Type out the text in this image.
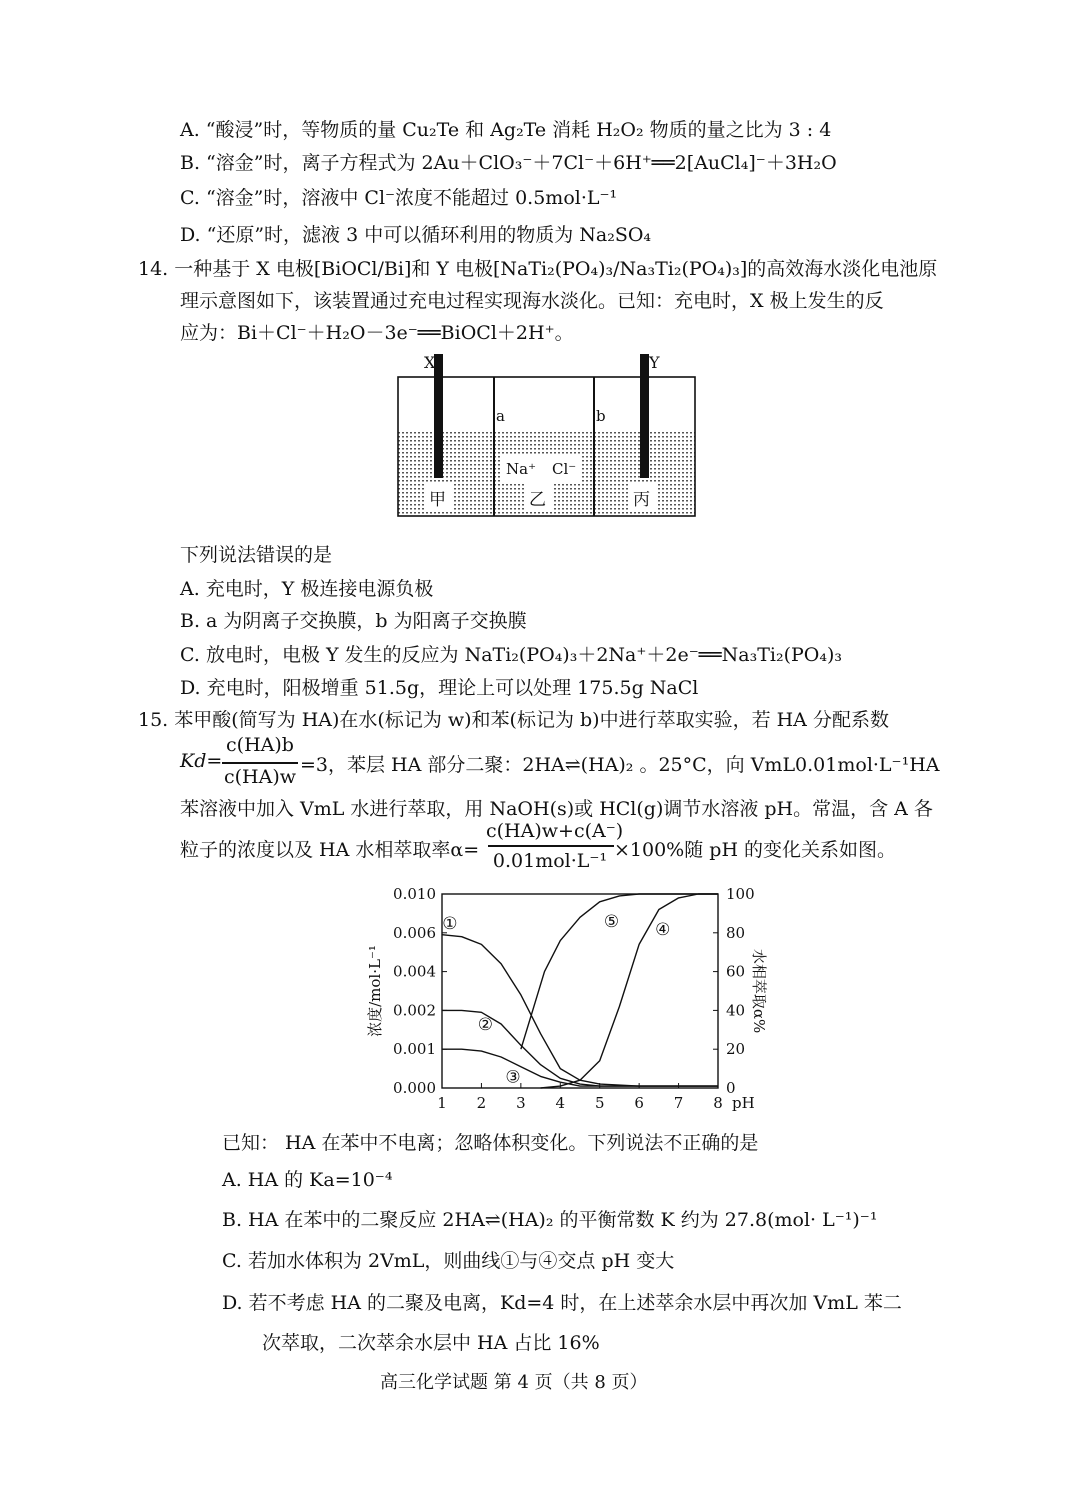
A. “酸浸”时，等物质的量 Cu₂Te 和 Ag₂Te 消耗 H₂O₂ 物质的量之比为 3 : 4
B. “溶金”时，离子方程式为 2Au＋ClO₃⁻＋7Cl⁻＋6H⁺══2[AuCl₄]⁻＋3H₂O
C. “溶金”时，溶液中 Cl⁻浓度不能超过 0.5mol·L⁻¹
D. “还原”时，滤液 3 中可以循环利用的物质为 Na₂SO₄
14. 一种基于 X 电极[BiOCl/Bi]和 Y 电极[NaTi₂(PO₄)₃/Na₃Ti₂(PO₄)₃]的高效海水淡化电池原
理示意图如下，该装置通过充电过程实现海水淡化。已知：充电时，X 极上发生的反
应为：Bi＋Cl⁻＋H₂O－3e⁻══BiOCl＋2H⁺。
X	Y
a	b
Na⁺ Cl⁻
甲	乙	丙
下列说法错误的是
A. 充电时，Y 极连接电源负极
B. a 为阴离子交换膜，b 为阳离子交换膜
C. 放电时，电极 Y 发生的反应为 NaTi₂(PO₄)₃＋2Na⁺＋2e⁻══Na₃Ti₂(PO₄)₃
D. 充电时，阳极增重 51.5g，理论上可以处理 175.5g NaCl
15. 苯甲酸(简写为 HA)在水(标记为 w)和苯(标记为 b)中进行萃取实验，若 HA 分配系数
Kd=
c(HA)b
c(HA)w
=3，苯层 HA 部分二聚：2HA⇌(HA)₂ 。25°C，向 VmL0.01mol·L⁻¹HA
苯溶液中加入 VmL 水进行萃取，用 NaOH(s)或 HCl(g)调节水溶液 pH。常温，含 A 各
粒子的浓度以及 HA 水相萃取率α=
c(HA)w+c(A⁻)
0.01mol·L⁻¹ ×100%随 pH 的变化关系如图。
1 2 3 4 5 6 7 8 pH
100
80
60
40
20
0
0.010
0.006
0.004
0.002
0.001
0.000
浓度/mol·L⁻¹	水相萃取α%
①
②
③
④
⑤
已知： HA 在苯中不电离；忽略体积变化。下列说法不正确的是
A. HA 的 Ka=10⁻⁴
B. HA 在苯中的二聚反应 2HA⇌(HA)₂ 的平衡常数 K 约为 27.8(mol· L⁻¹)⁻¹
C. 若加水体积为 2VmL，则曲线①与④交点 pH 变大
D. 若不考虑 HA 的二聚及电离，Kd=4 时，在上述萃余水层中再次加 VmL 苯二
次萃取，二次萃余水层中 HA 占比 16%
高三化学试题 第 4 页（共 8 页）
